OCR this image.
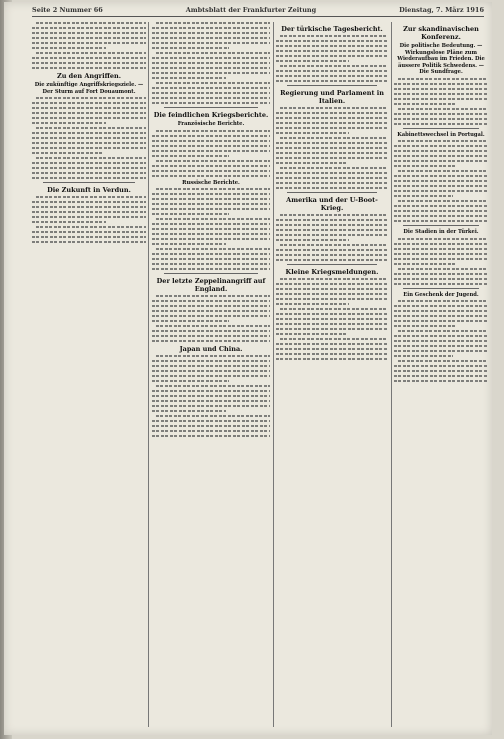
Seite 2 Nummer 66	Ambtsblatt der Frankfurter Zeitung	Dienstag, 7. März 1916
Zu den Angriffen.
Die zukünftige Angriffskriegsziele. — Der Sturm auf Fort Douaumont.
Die Zukunft in Verdun.
Die feindlichen Kriegsberichte.
Französische Berichte.
Russische Berichte.
Der letzte Zeppelinangriff auf England.
Japan und China.
Der türkische Tagesbericht.
Regierung und Parlament in Italien.
Amerika und der U-Boot-Krieg.
Kleine Kriegsmeldungen.
Zur skandinavischen Konferenz.
Die politische Bedeutung. — Wirkungslose Pläne zum Wiederaufbau im Frieden. Die äussere Politik Schwedens. — Die Sundfrage.
Kabinettswechsel in Portugal.
Die Stadien in der Türkei.
Ein Geschenk der Jugend.
